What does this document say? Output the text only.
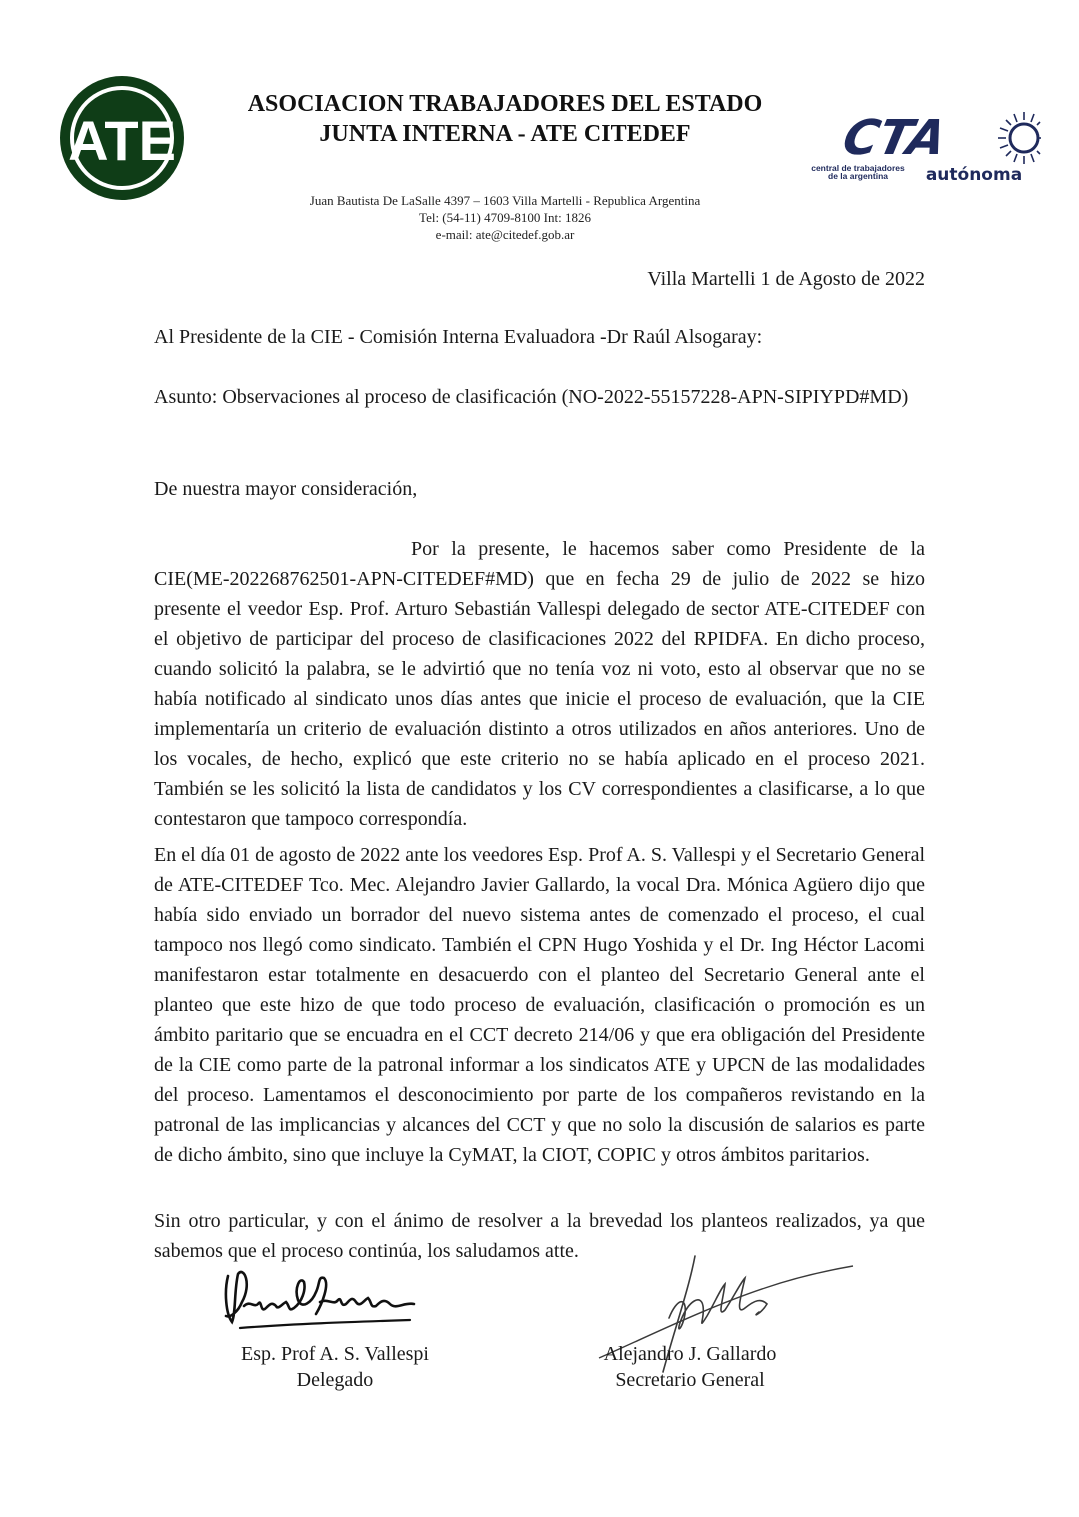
ATE
ASOCIACION TRABAJADORES DEL ESTADO
JUNTA INTERNA - ATE CITEDEF	CTA
central de trabajadores
de la argentina autónoma
Juan Bautista De LaSalle 4397 – 1603 Villa Martelli - Republica Argentina
Tel: (54-11) 4709-8100 Int: 1826
e-mail: ate@citedef.gob.ar
Villa Martelli 1 de Agosto de 2022
Al Presidente de la CIE - Comisión Interna Evaluadora -Dr Raúl Alsogaray:
Asunto: Observaciones al proceso de clasificación (NO-2022-55157228-APN-SIPIYPD#MD)
De nuestra mayor consideración,
Por la presente, le hacemos saber como Presidente de la CIE(ME-202268762501-APN-CITEDEF#MD) que en fecha 29 de julio de 2022 se hizo presente el veedor Esp. Prof. Arturo Sebastián Vallespi delegado de sector ATE-CITEDEF con el objetivo de participar del proceso de clasificaciones 2022 del RPIDFA. En dicho proceso, cuando solicitó la palabra, se le advirtió que no tenía voz ni voto, esto al observar que no se había notificado al sindicato unos días antes que inicie el proceso de evaluación, que la CIE implementaría un criterio de evaluación distinto a otros utilizados en años anteriores. Uno de los vocales, de hecho, explicó que este criterio no se había aplicado en el proceso 2021. También se les solicitó la lista de candidatos y los CV correspondientes a clasificarse, a lo que contestaron que tampoco correspondía.
En el día 01 de agosto de 2022 ante los veedores Esp. Prof A. S. Vallespi y el Secretario General de ATE-CITEDEF Tco. Mec. Alejandro Javier Gallardo, la vocal Dra. Mónica Agüero dijo que había sido enviado un borrador del nuevo sistema antes de comenzado el proceso, el cual tampoco nos llegó como sindicato. También el CPN Hugo Yoshida y el Dr. Ing Héctor Lacomi manifestaron estar totalmente en desacuerdo con el planteo del Secretario General ante el planteo que este hizo de que todo proceso de evaluación, clasificación o promoción es un ámbito paritario que se encuadra en el CCT decreto 214/06 y que era obligación del Presidente de la CIE como parte de la patronal informar a los sindicatos ATE y UPCN de las modalidades del proceso. Lamentamos el desconocimiento por parte de los compañeros revistando en la patronal de las implicancias y alcances del CCT y que no solo la discusión de salarios es parte de dicho ámbito, sino que incluye la CyMAT, la CIOT, COPIC y otros ámbitos paritarios.
Sin otro particular, y con el ánimo de resolver a la brevedad los planteos realizados, ya que sabemos que el proceso continúa, los saludamos atte.
Esp. Prof A. S. Vallespi
Delegado
Alejandro J. Gallardo
Secretario General
